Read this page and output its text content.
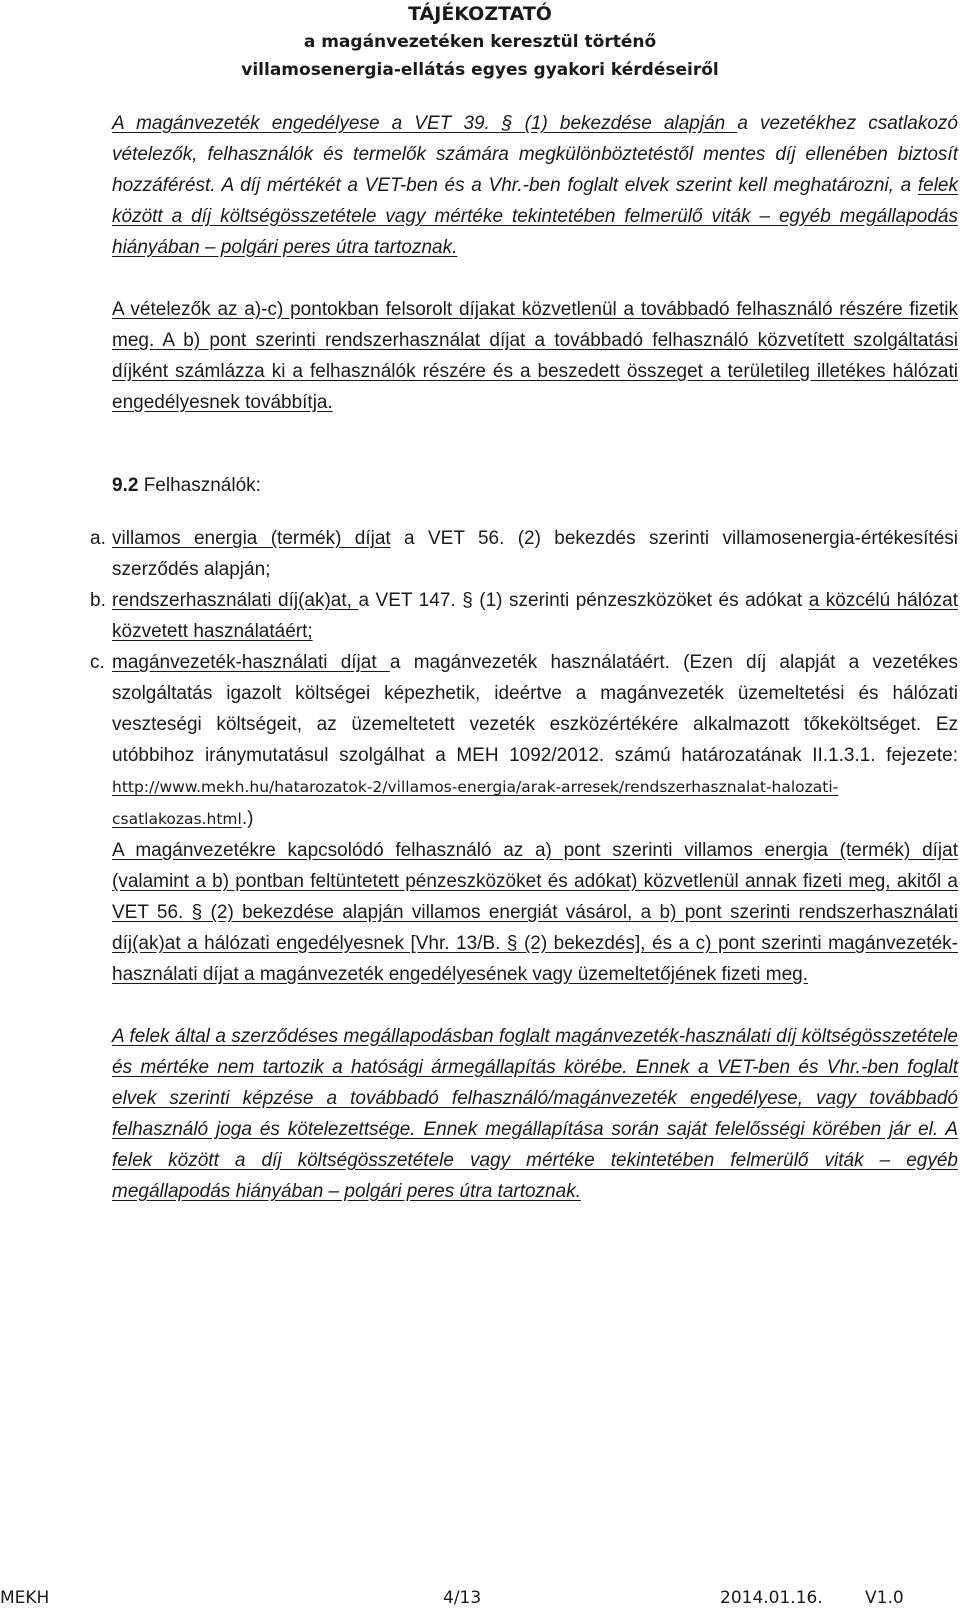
TÁJÉKOZTATÓ
a magánvezetéken keresztül történő
villamosenergia-ellátás egyes gyakori kérdéseiről

A magánvezeték engedélyese a VET 39. § (1) bekezdése alapján a vezetékhez csatlakozó vételezők, felhasználók és termelők számára megkülönböztetéstől mentes díj ellenében biztosít hozzáférést. A díj mértékét a VET-ben és a Vhr.-ben foglalt elvek szerint kell meghatározni, a felek között a díj költségösszetétele vagy mértéke tekintetében felmerülő viták – egyéb megállapodás hiányában – polgári peres útra tartoznak.

A vételezők az a)-c) pontokban felsorolt díjakat közvetlenül a továbbadó felhasználó részére fizetik meg. A b) pont szerinti rendszerhasználat díjat a továbbadó felhasználó közvetített szolgáltatási díjként számlázza ki a felhasználók részére és a beszedett összeget a területileg illetékes hálózati engedélyesnek továbbítja.

9.2 Felhasználók:
a. villamos energia (termék) díjat a VET 56. (2) bekezdés szerinti villamosenergia-értékesítési szerződés alapján;
b. rendszerhasználati díj(ak)at, a VET 147. § (1) szerinti pénzeszközöket és adókat a közcélú hálózat közvetett használatáért;
c. magánvezeték-használati díjat a magánvezeték használatáért. (Ezen díj alapját a vezetékes szolgáltatás igazolt költségei képezhetik, ideértve a magánvezeték üzemeltetési és hálózati veszteségi költségeit, az üzemeltetett vezeték eszközértékére alkalmazott tőkeköltséget. Ez utóbbihoz iránymutatásul szolgálhat a MEH 1092/2012. számú határozatának II.1.3.1. fejezete: http://www.mekh.hu/hatarozatok-2/villamos-energia/arak-arresek/rendszerhasznalat-halozati-csatlakozas.html.)
A magánvezetékre kapcsolódó felhasználó az a) pont szerinti villamos energia (termék) díjat (valamint a b) pontban feltüntetett pénzeszközöket és adókat) közvetlenül annak fizeti meg, akitől a VET 56. § (2) bekezdése alapján villamos energiát vásárol, a b) pont szerinti rendszerhasználati díj(ak)at a hálózati engedélyesnek [Vhr. 13/B. § (2) bekezdés], és a c) pont szerinti magánvezeték-használati díjat a magánvezeték engedélyesének vagy üzemeltetőjének fizeti meg.

A felek által a szerződéses megállapodásban foglalt magánvezeték-használati díj költségösszetétele és mértéke nem tartozik a hatósági ármegállapítás körébe. Ennek a VET-ben és Vhr.-ben foglalt elvek szerinti képzése a továbbadó felhasználó/magánvezeték engedélyese, vagy továbbadó felhasználó joga és kötelezettsége. Ennek megállapítása során saját felelősségi körében jár el. A felek között a díj költségösszetétele vagy mértéke tekintetében felmerülő viták – egyéb megállapodás hiányában – polgári peres útra tartoznak.

MEKH	4/13	2014.01.16. V1.0
